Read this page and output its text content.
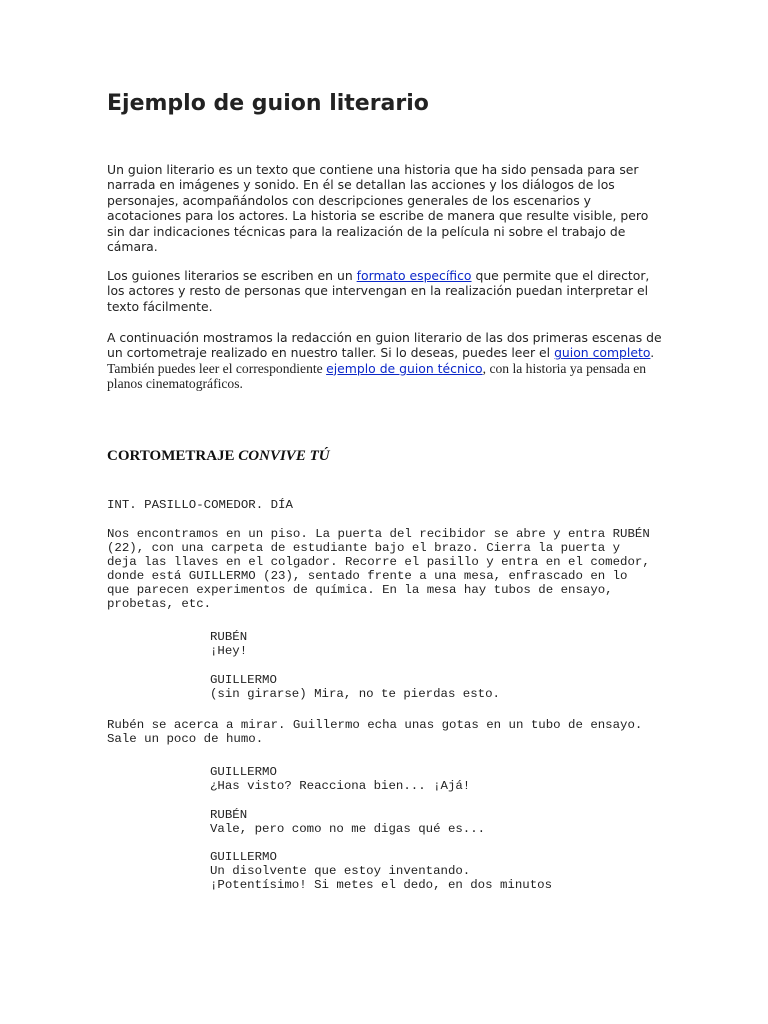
Ejemplo de guion literario

Un guion literario es un texto que contiene una historia que ha sido pensada para ser narrada en imágenes y sonido. En él se detallan las acciones y los diálogos de los personajes, acompañándolos con descripciones generales de los escenarios y acotaciones para los actores. La historia se escribe de manera que resulte visible, pero sin dar indicaciones técnicas para la realización de la película ni sobre el trabajo de cámara.

Los guiones literarios se escriben en un formato específico que permite que el director, los actores y resto de personas que intervengan en la realización puedan interpretar el texto fácilmente.

A continuación mostramos la redacción en guion literario de las dos primeras escenas de un cortometraje realizado en nuestro taller. Si lo deseas, puedes leer el guion completo. También puedes leer el correspondiente ejemplo de guion técnico, con la historia ya pensada en planos cinematográficos.

CORTOMETRAJE CONVIVE TÚ
INT. PASILLO-COMEDOR. DÍA
Nos encontramos en un piso. La puerta del recibidor se abre y entra RUBÉN
(22), con una carpeta de estudiante bajo el brazo. Cierra la puerta y
deja las llaves en el colgador. Recorre el pasillo y entra en el comedor,
donde está GUILLERMO (23), sentado frente a una mesa, enfrascado en lo
que parecen experimentos de química. En la mesa hay tubos de ensayo,
probetas, etc.
RUBÉN
¡Hey!
GUILLERMO
(sin girarse) Mira, no te pierdas esto.
Rubén se acerca a mirar. Guillermo echa unas gotas en un tubo de ensayo.
Sale un poco de humo.
GUILLERMO
¿Has visto? Reacciona bien... ¡Ajá!
RUBÉN
Vale, pero como no me digas qué es...
GUILLERMO
Un disolvente que estoy inventando.
¡Potentísimo! Si metes el dedo, en dos minutos
